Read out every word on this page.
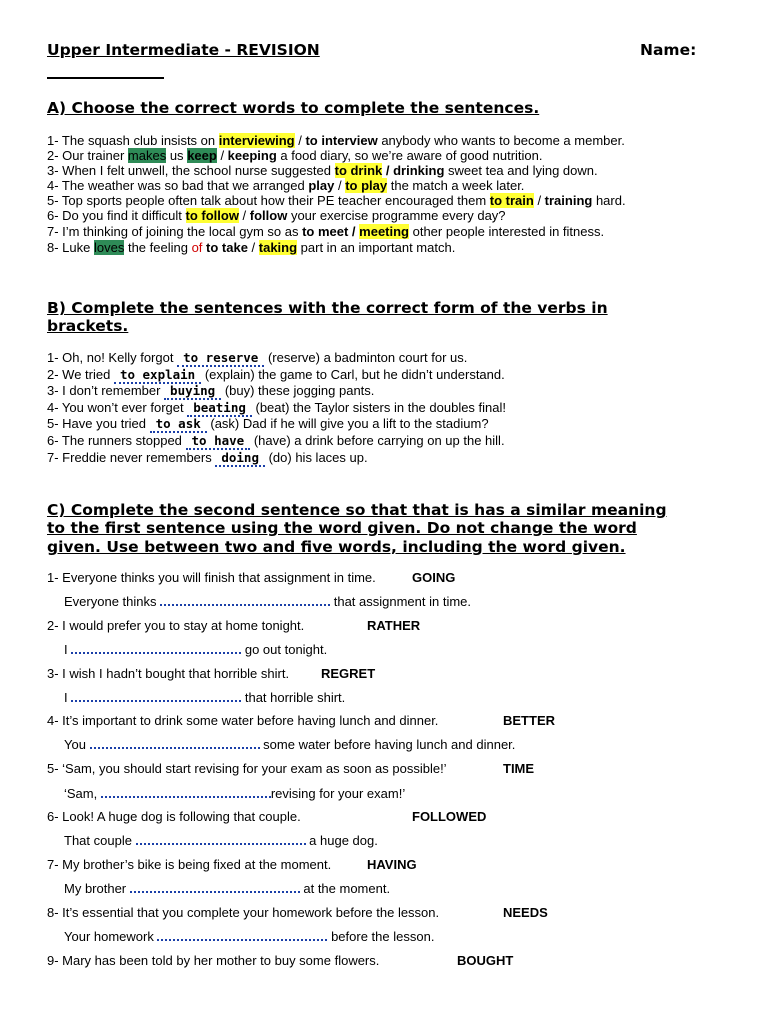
Upper Intermediate - REVISION	Name:
A) Choose the correct words to complete the sentences.
1- The squash club insists on interviewing / to interview anybody who wants to become a member.
2- Our trainer makes us keep / keeping a food diary, so we’re aware of good nutrition.
3- When I felt unwell, the school nurse suggested to drink / drinking sweet tea and lying down.
4- The weather was so bad that we arranged play / to play the match a week later.
5- Top sports people often talk about how their PE teacher encouraged them to train / training hard.
6- Do you find it difficult to follow / follow your exercise programme every day?
7- I’m thinking of joining the local gym so as to meet / meeting other people interested in fitness.
8- Luke loves the feeling of to take / taking part in an important match.
B) Complete the sentences with the correct form of the verbs in
brackets.
1- Oh, no! Kelly forgot to reserve (reserve) a badminton court for us.
2- We tried to explain (explain) the game to Carl, but he didn’t understand.
3- I don’t remember buying (buy) these jogging pants.
4- You won’t ever forget beating (beat) the Taylor sisters in the doubles final!
5- Have you tried to ask (ask) Dad if he will give you a lift to the stadium?
6- The runners stopped to have (have) a drink before carrying on up the hill.
7- Freddie never remembers doing (do) his laces up.
C) Complete the second sentence so that that is has a similar meaning
to the first sentence using the word given. Do not change the word
given. Use between two and five words, including the word given.
1- Everyone thinks you will finish that assignment in time.	GOING
Everyone thinks	that assignment in time.
2- I would prefer you to stay at home tonight.	RATHER
I	go out tonight.
3- I wish I hadn’t bought that horrible shirt. REGRET
I	that horrible shirt.
4- It’s important to drink some water before having lunch and dinner.	BETTER
You	some water before having lunch and dinner.
5- ‘Sam, you should start revising for your exam as soon as possible!’	TIME
‘Sam,	revising for your exam!’
6- Look! A huge dog is following that couple.	FOLLOWED
That couple	a huge dog.
7- My brother’s bike is being fixed at the moment.	HAVING
My brother	at the moment.
8- It’s essential that you complete your homework before the lesson.	NEEDS
Your homework	before the lesson.
9- Mary has been told by her mother to buy some flowers.	BOUGHT
